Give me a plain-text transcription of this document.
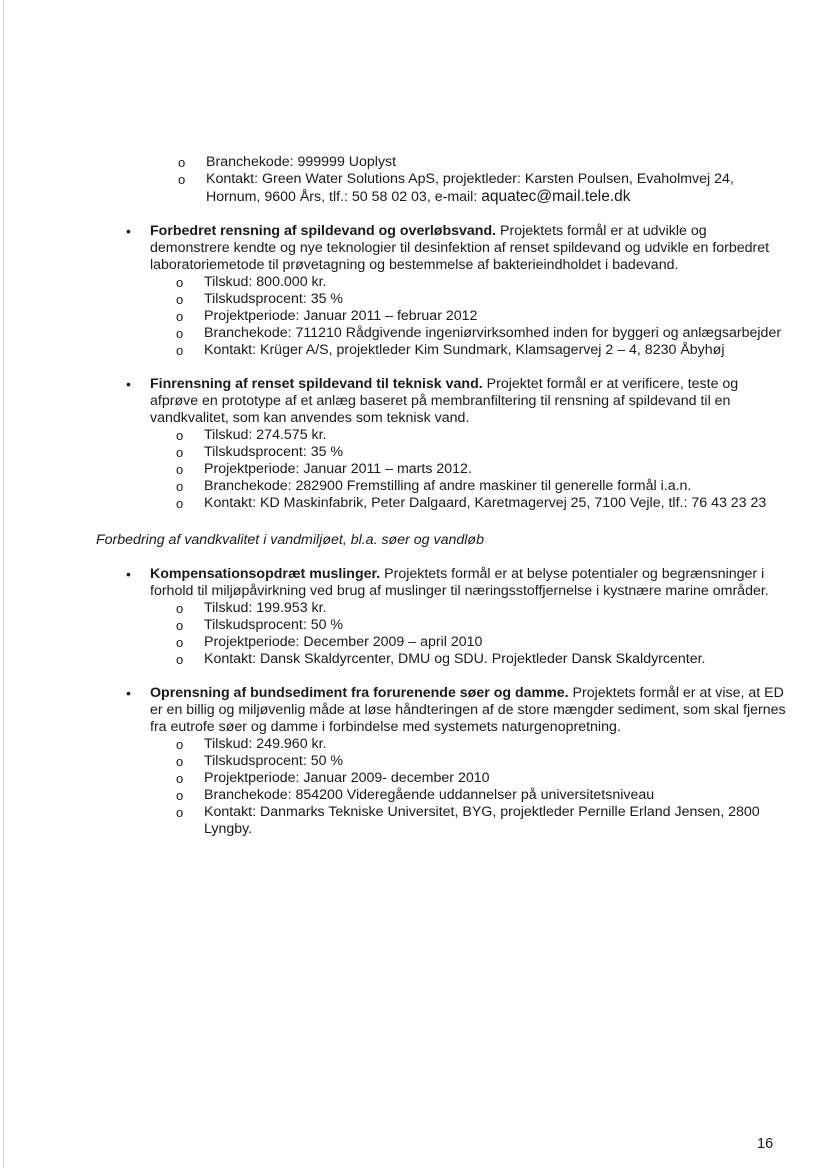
o Branchekode: 999999 Uoplyst
o Kontakt: Green Water Solutions ApS, projektleder: Karsten Poulsen, Evaholmvej 24, Hornum, 9600 Års, tlf.: 50 58 02 03, e-mail: aquatec@mail.tele.dk
• Forbedret rensning af spildevand og overløbsvand. Projektets formål er at udvikle og demonstrere kendte og nye teknologier til desinfektion af renset spildevand og udvikle en forbedret laboratoriemetode til prøvetagning og bestemmelse af bakterieindholdet i badevand.

o Tilskud: 800.000 kr.
o Tilskudsprocent: 35 %
o Projektperiode: Januar 2011 – februar 2012
o Branchekode: 711210 Rådgivende ingeniørvirksomhed inden for byggeri og anlægsarbejder
o Kontakt: Krüger A/S, projektleder Kim Sundmark, Klamsagervej 2 – 4, 8230 Åbyhøj
• Finrensning af renset spildevand til teknisk vand. Projektet formål er at verificere, teste og afprøve en prototype af et anlæg baseret på membranfiltering til rensning af spildevand til en vandkvalitet, som kan anvendes som teknisk vand.

o Tilskud: 274.575 kr.
o Tilskudsprocent: 35 %
o Projektperiode: Januar 2011 – marts 2012.
o Branchekode: 282900 Fremstilling af andre maskiner til generelle formål i.a.n.
o Kontakt: KD Maskinfabrik, Peter Dalgaard, Karetmagervej 25, 7100 Vejle, tlf.: 76 43 23 23
Forbedring af vandkvalitet i vandmiljøet, bl.a. søer og vandløb
• Kompensationsopdræt muslinger. Projektets formål er at belyse potentialer og begrænsninger i forhold til miljøpåvirkning ved brug af muslinger til næringsstoffjernelse i kystnære marine områder.

o Tilskud: 199.953 kr.
o Tilskudsprocent: 50 %
o Projektperiode: December 2009 – april 2010
o Kontakt: Dansk Skaldyrcenter, DMU og SDU. Projektleder Dansk Skaldyrcenter.
• Oprensning af bundsediment fra forurenende søer og damme. Projektets formål er at vise, at ED er en billig og miljøvenlig måde at løse håndteringen af de store mængder sediment, som skal fjernes fra eutrofe søer og damme i forbindelse med systemets naturgenopretning.

o Tilskud: 249.960 kr.
o Tilskudsprocent: 50 %
o Projektperiode: Januar 2009- december 2010
o Branchekode: 854200 Videregående uddannelser på universitetsniveau
o Kontakt: Danmarks Tekniske Universitet, BYG, projektleder Pernille Erland Jensen, 2800 Lyngby.
16
